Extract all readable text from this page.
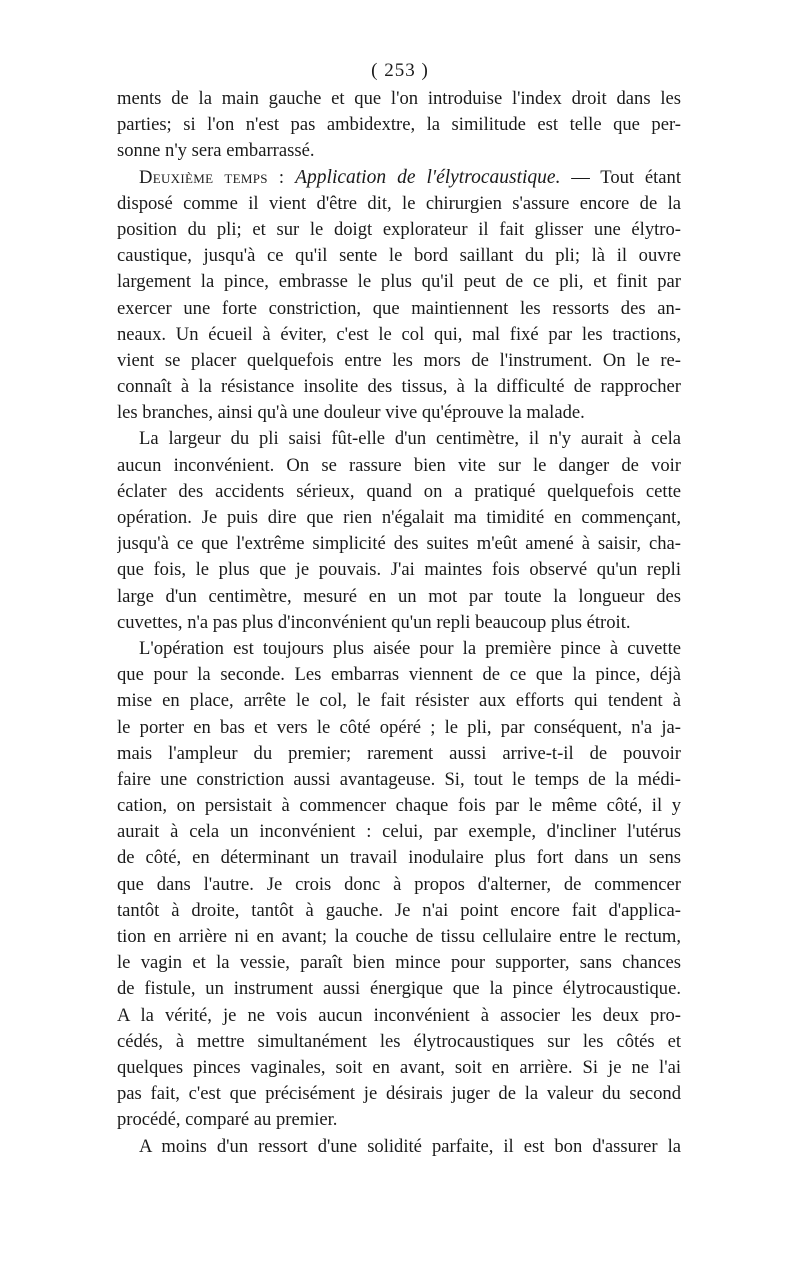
( 253 )
ments de la main gauche et que l'on introduise l'index droit dans les
parties; si l'on n'est pas ambidextre, la similitude est telle que per-
sonne n'y sera embarrassé.
Deuxième temps : Application de l'élytrocaustique. — Tout étant
disposé comme il vient d'être dit, le chirurgien s'assure encore de la
position du pli; et sur le doigt explorateur il fait glisser une élytro-
caustique, jusqu'à ce qu'il sente le bord saillant du pli; là il ouvre
largement la pince, embrasse le plus qu'il peut de ce pli, et finit par
exercer une forte constriction, que maintiennent les ressorts des an-
neaux. Un écueil à éviter, c'est le col qui, mal fixé par les tractions,
vient se placer quelquefois entre les mors de l'instrument. On le re-
connaît à la résistance insolite des tissus, à la difficulté de rapprocher
les branches, ainsi qu'à une douleur vive qu'éprouve la malade.
La largeur du pli saisi fût-elle d'un centimètre, il n'y aurait à cela
aucun inconvénient. On se rassure bien vite sur le danger de voir
éclater des accidents sérieux, quand on a pratiqué quelquefois cette
opération. Je puis dire que rien n'égalait ma timidité en commençant,
jusqu'à ce que l'extrême simplicité des suites m'eût amené à saisir, cha-
que fois, le plus que je pouvais. J'ai maintes fois observé qu'un repli
large d'un centimètre, mesuré en un mot par toute la longueur des
cuvettes, n'a pas plus d'inconvénient qu'un repli beaucoup plus étroit.
L'opération est toujours plus aisée pour la première pince à cuvette
que pour la seconde. Les embarras viennent de ce que la pince, déjà
mise en place, arrête le col, le fait résister aux efforts qui tendent à
le porter en bas et vers le côté opéré ; le pli, par conséquent, n'a ja-
mais l'ampleur du premier; rarement aussi arrive-t-il de pouvoir
faire une constriction aussi avantageuse. Si, tout le temps de la médi-
cation, on persistait à commencer chaque fois par le même côté, il y
aurait à cela un inconvénient : celui, par exemple, d'incliner l'utérus
de côté, en déterminant un travail inodulaire plus fort dans un sens
que dans l'autre. Je crois donc à propos d'alterner, de commencer
tantôt à droite, tantôt à gauche. Je n'ai point encore fait d'applica-
tion en arrière ni en avant; la couche de tissu cellulaire entre le rectum,
le vagin et la vessie, paraît bien mince pour supporter, sans chances
de fistule, un instrument aussi énergique que la pince élytrocaustique.
A la vérité, je ne vois aucun inconvénient à associer les deux pro-
cédés, à mettre simultanément les élytrocaustiques sur les côtés et
quelques pinces vaginales, soit en avant, soit en arrière. Si je ne l'ai
pas fait, c'est que précisément je désirais juger de la valeur du second
procédé, comparé au premier.
A moins d'un ressort d'une solidité parfaite, il est bon d'assurer la
